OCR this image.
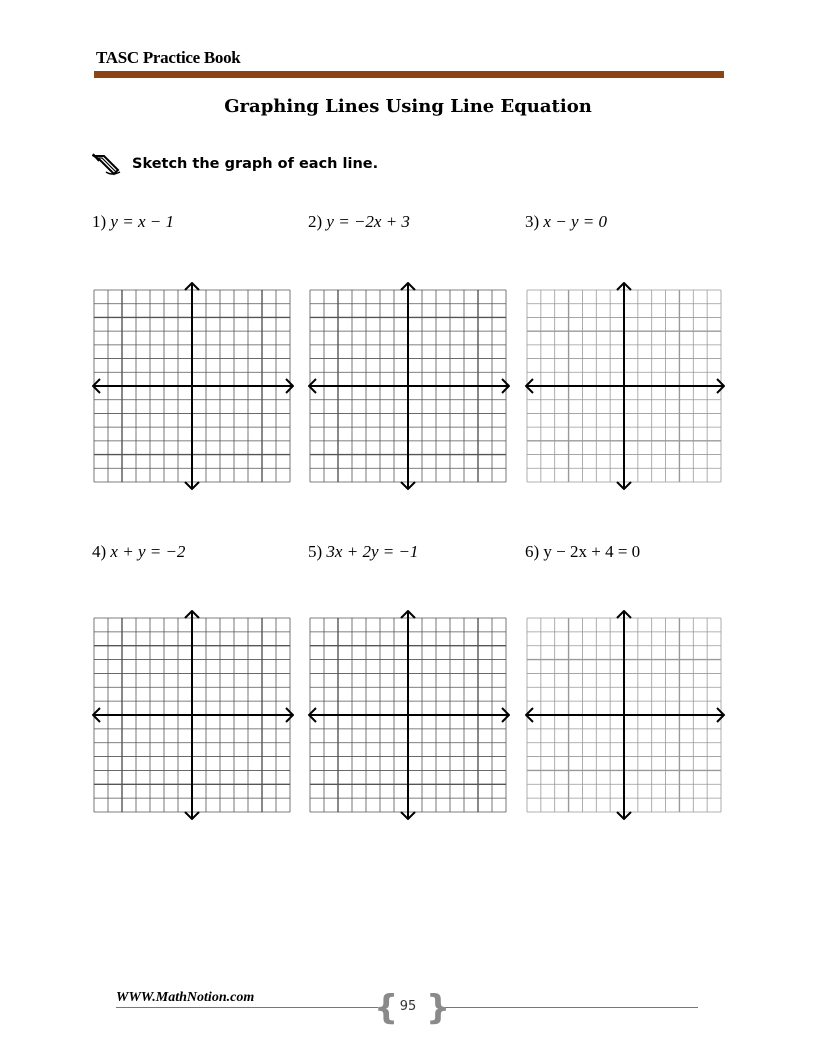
TASC Practice Book
Graphing Lines Using Line Equation
Sketch the graph of each line.
1) y = x − 1	2) y = −2x + 3	3) x − y = 0
4) x + y = −2	5) 3x + 2y = −1	6) y − 2x + 4 = 0
WWW.MathNotion.com	{ }
95
